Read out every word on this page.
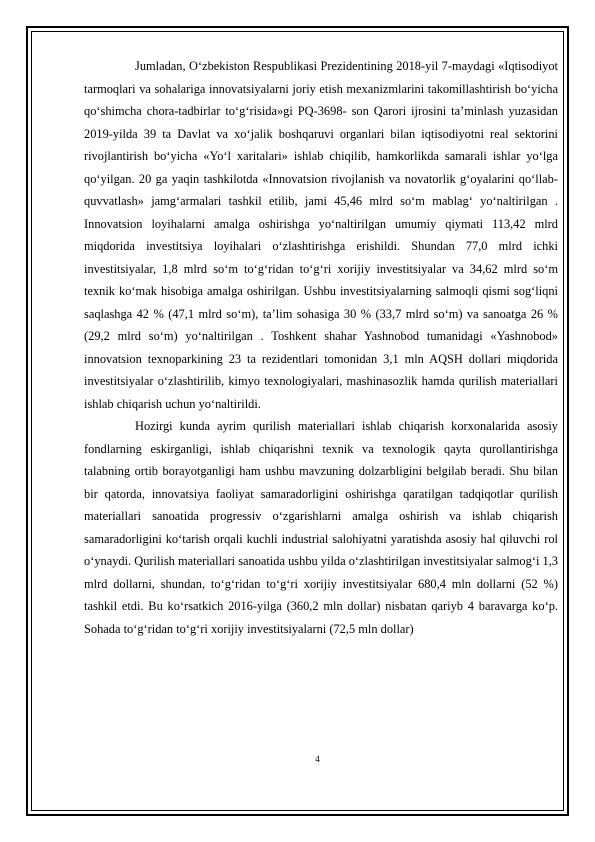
Jumladan, O‘zbekiston Respublikasi Prezidentining 2018-yil 7-maydagi «Iqtisodiyot tarmoqlari va sohalariga innovatsiyalarni joriy etish mexanizmlarini takomillashtirish bo‘yicha qo‘shimcha chora-tadbirlar to‘g‘risida»gi PQ-3698- son Qarori ijrosini ta’minlash yuzasidan 2019-yilda 39 ta Davlat va xo‘jalik boshqaruvi organlari bilan iqtisodiyotni real sektorini rivojlantirish bo‘yicha «Yo‘l xaritalari» ishlab chiqilib, hamkorlikda samarali ishlar yo‘lga qo‘yilgan. 20 ga yaqin tashkilotda «Innovatsion rivojlanish va novatorlik g‘oyalarini qo‘llab-quvvatlash» jamg‘armalari tashkil etilib, jami 45,46 mlrd so‘m mablag‘ yo‘naltirilgan . Innovatsion loyihalarni amalga oshirishga yo‘naltirilgan umumiy qiymati 113,42 mlrd miqdorida investitsiya loyihalari o‘zlashtirishga erishildi. Shundan 77,0 mlrd ichki investitsiyalar, 1,8 mlrd so‘m to‘g‘ridan to‘g‘ri xorijiy investitsiyalar va 34,62 mlrd so‘m texnik ko‘mak hisobiga amalga oshirilgan. Ushbu investitsiyalarning salmoqli qismi sog‘liqni saqlashga 42 % (47,1 mlrd so‘m), ta’lim sohasiga 30 % (33,7 mlrd so‘m) va sanoatga 26 % (29,2 mlrd so‘m) yo‘naltirilgan . Toshkent shahar Yashnobod tumanidagi «Yashnobod» innovatsion texnoparkining 23 ta rezidentlari tomonidan 3,1 mln AQSH dollari miqdorida investitsiyalar o‘zlashtirilib, kimyo texnologiyalari, mashinasozlik hamda qurilish materiallari ishlab chiqarish uchun yo‘naltirildi.

Hozirgi kunda ayrim qurilish materiallari ishlab chiqarish korxonalarida asosiy fondlarning eskirganligi, ishlab chiqarishni texnik va texnologik qayta qurollantirishga talabning ortib borayotganligi ham ushbu mavzuning dolzarbligini belgilab beradi. Shu bilan bir qatorda, innovatsiya faoliyat samaradorligini oshirishga qaratilgan tadqiqotlar qurilish materiallari sanoatida progressiv o‘zgarishlarni amalga oshirish va ishlab chiqarish samaradorligini ko‘tarish orqali kuchli industrial salohiyatni yaratishda asosiy hal qiluvchi rol o‘ynaydi. Qurilish materiallari sanoatida ushbu yilda o‘zlashtirilgan investitsiyalar salmog‘i 1,3 mlrd dollarni, shundan, to‘g‘ridan to‘g‘ri xorijiy investitsiyalar 680,4 mln dollarni (52 %) tashkil etdi. Bu ko‘rsatkich 2016-yilga (360,2 mln dollar) nisbatan qariyb 4 baravarga ko‘p. Sohada to‘g‘ridan to‘g‘ri xorijiy investitsiyalarni (72,5 mln dollar)

4
